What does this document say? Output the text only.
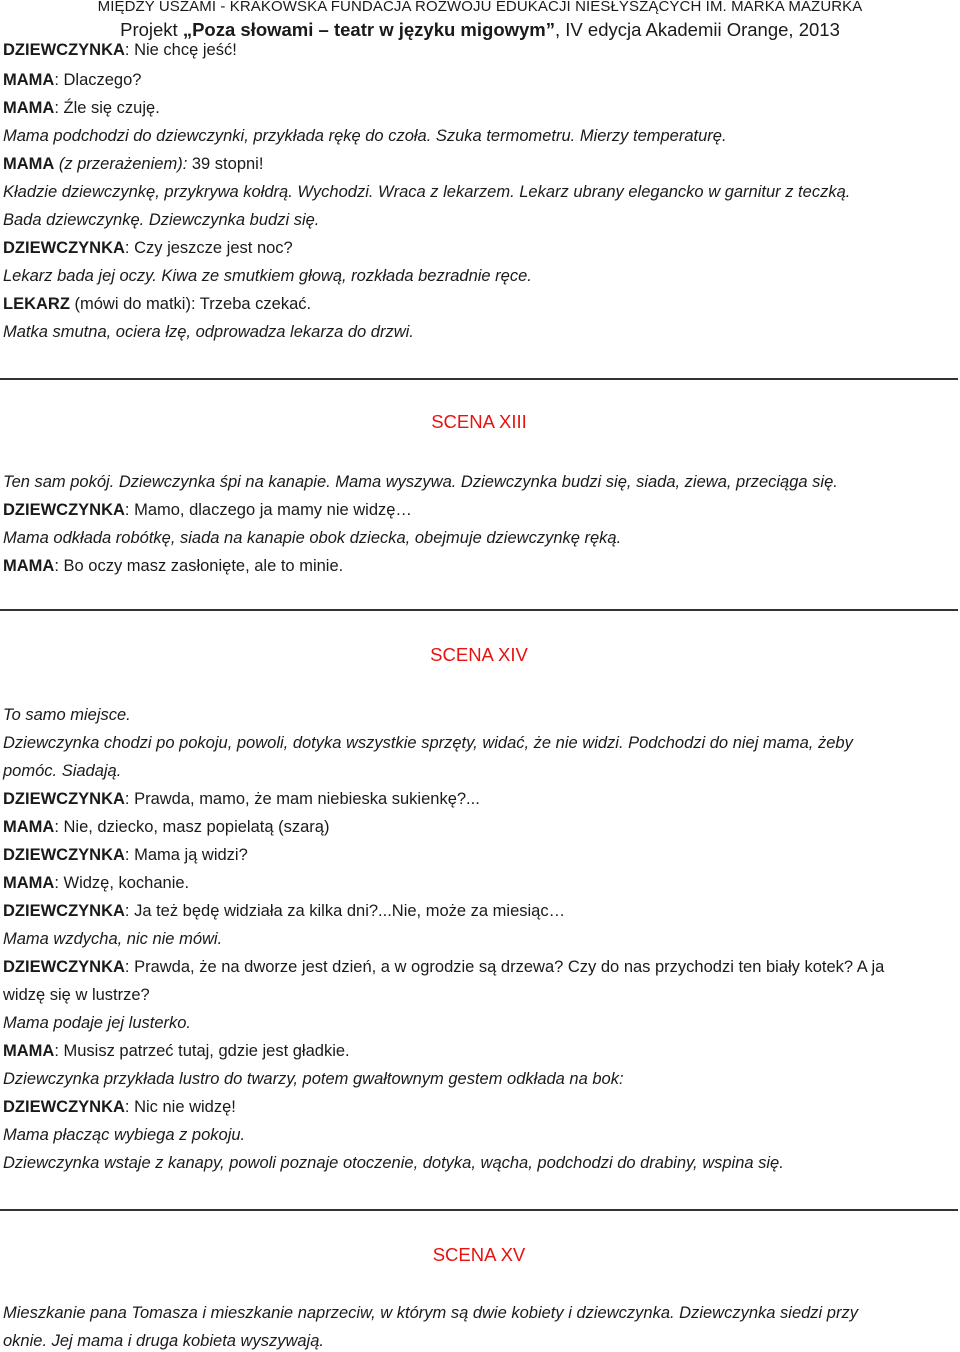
MIĘDZY USZAMI - KRAKOWSKA FUNDACJA ROZWOJU EDUKACJI NIESŁYSZĄCYCH IM. MARKA MAZURKA
Projekt „Poza słowami – teatr w języku migowym”, IV edycja Akademii Orange, 2013
DZIEWCZYNKA: Nie chcę jeść!
MAMA: Dlaczego?
MAMA: Źle się czuję.
Mama podchodzi do dziewczynki, przykłada rękę do czoła. Szuka termometru. Mierzy temperaturę.
MAMA (z przerażeniem): 39 stopni!
Kładzie dziewczynkę, przykrywa kołdrą. Wychodzi. Wraca z lekarzem. Lekarz ubrany elegancko w garnitur z teczką.
Bada dziewczynkę. Dziewczynka budzi się.
DZIEWCZYNKA: Czy jeszcze jest noc?
Lekarz bada jej oczy. Kiwa ze smutkiem głową, rozkłada bezradnie ręce.
LEKARZ (mówi do matki): Trzeba czekać.
Matka smutna, ociera łzę, odprowadza lekarza do drzwi.
SCENA XIII
Ten sam pokój. Dziewczynka śpi na kanapie. Mama wyszywa. Dziewczynka budzi się, siada, ziewa, przeciąga się.
DZIEWCZYNKA: Mamo, dlaczego ja mamy nie widzę…
Mama odkłada robótkę, siada na kanapie obok dziecka, obejmuje dziewczynkę ręką.
MAMA: Bo oczy masz zasłonięte, ale to minie.
SCENA XIV
To samo miejsce.
Dziewczynka chodzi po pokoju, powoli, dotyka wszystkie sprzęty, widać, że nie widzi. Podchodzi do niej mama, żeby
pomóc. Siadają.
DZIEWCZYNKA: Prawda, mamo, że mam niebieska sukienkę?...
MAMA: Nie, dziecko, masz popielatą (szarą)
DZIEWCZYNKA: Mama ją widzi?
MAMA: Widzę, kochanie.
DZIEWCZYNKA: Ja też będę widziała za kilka dni?...Nie, może za miesiąc…
Mama wzdycha, nic nie mówi.
DZIEWCZYNKA: Prawda, że na dworze jest dzień, a w ogrodzie są drzewa? Czy do nas przychodzi ten biały kotek? A ja
widzę się w lustrze?
Mama podaje jej lusterko.
MAMA: Musisz patrzeć tutaj, gdzie jest gładkie.
Dziewczynka przykłada lustro do twarzy, potem gwałtownym gestem odkłada na bok:
DZIEWCZYNKA: Nic nie widzę!
Mama płacząc wybiega z pokoju.
Dziewczynka wstaje z kanapy, powoli poznaje otoczenie, dotyka, wącha, podchodzi do drabiny, wspina się.
SCENA XV
Mieszkanie pana Tomasza i mieszkanie naprzeciw, w którym są dwie kobiety i dziewczynka. Dziewczynka siedzi przy
oknie. Jej mama i druga kobieta wyszywają.
